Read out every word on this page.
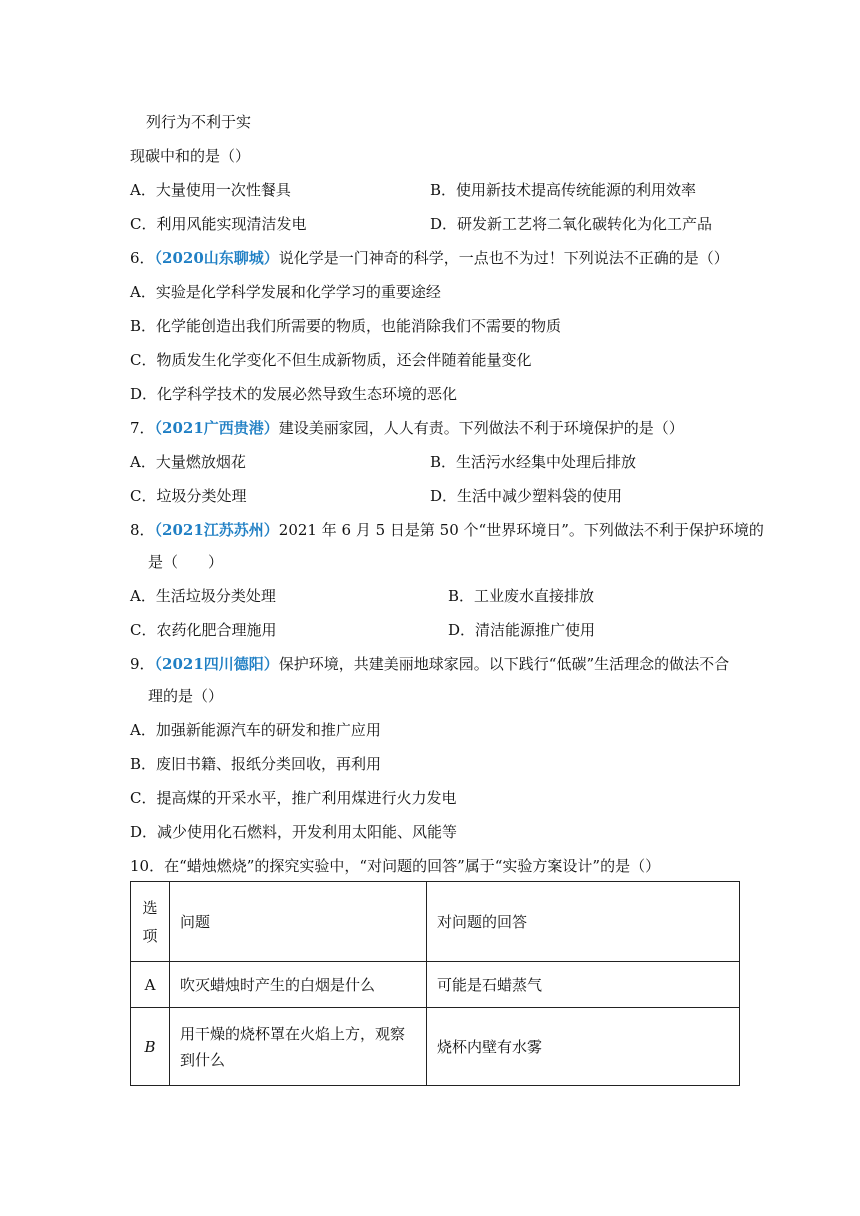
列行为不利于实
现碳中和的是（）
A．大量使用一次性餐具	B．使用新技术提高传统能源的利用效率
C．利用风能实现清洁发电	D．研发新工艺将二氧化碳转化为化工产品
6．（2020山东聊城）说化学是一门神奇的科学，一点也不为过！下列说法不正确的是（）
A．实验是化学科学发展和化学学习的重要途经
B．化学能创造出我们所需要的物质，也能消除我们不需要的物质
C．物质发生化学变化不但生成新物质，还会伴随着能量变化
D．化学科学技术的发展必然导致生态环境的恶化
7．（2021广西贵港）建设美丽家园，人人有责。下列做法不利于环境保护的是（）
A．大量燃放烟花	B．生活污水经集中处理后排放
C．垃圾分类处理	D．生活中减少塑料袋的使用
8．（2021江苏苏州）2021 年 6 月 5 日是第 50 个“世界环境日”。下列做法不利于保护环境的
是（　　）
A．生活垃圾分类处理	B．工业废水直接排放
C．农药化肥合理施用	D．清洁能源推广使用
9．（2021四川德阳）保护环境，共建美丽地球家园。以下践行“低碳”生活理念的做法不合
理的是（）
A．加强新能源汽车的研发和推广应用
B．废旧书籍、报纸分类回收，再利用
C．提高煤的开采水平，推广利用煤进行火力发电
D．减少使用化石燃料，开发利用太阳能、风能等
10．在“蜡烛燃烧”的探究实验中，“对问题的回答”属于“实验方案设计”的是（）
选项	问题	对问题的回答
A	吹灭蜡烛时产生的白烟是什么	可能是石蜡蒸气
B	用干燥的烧杯罩在火焰上方，观察到什么	烧杯内壁有水雾
